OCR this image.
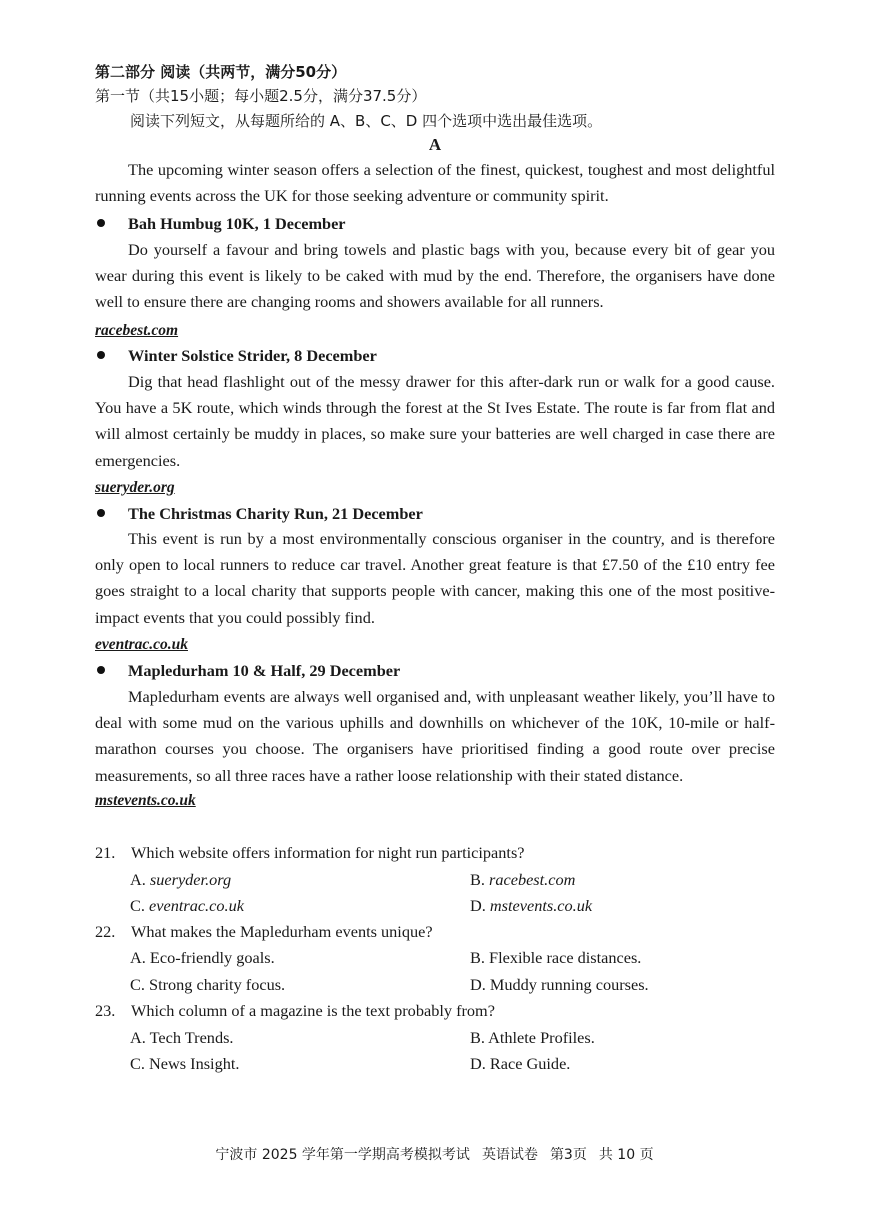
第二部分 阅读（共两节，满分50分）

第一节（共15小题；每小题2.5分，满分37.5分）

阅读下列短文，从每题所给的 A、B、C、D 四个选项中选出最佳选项。

A

The upcoming winter season offers a selection of the finest, quickest, toughest and most delightful running events across the UK for those seeking adventure or community spirit.

Bah Humbug 10K, 1 December

Do yourself a favour and bring towels and plastic bags with you, because every bit of gear you wear during this event is likely to be caked with mud by the end. Therefore, the organisers have done well to ensure there are changing rooms and showers available for all runners.

racebest.com

Winter Solstice Strider, 8 December

Dig that head flashlight out of the messy drawer for this after-dark run or walk for a good cause. You have a 5K route, which winds through the forest at the St Ives Estate. The route is far from flat and will almost certainly be muddy in places, so make sure your batteries are well charged in case there are emergencies.

sueryder.org

The Christmas Charity Run, 21 December

This event is run by a most environmentally conscious organiser in the country, and is therefore only open to local runners to reduce car travel. Another great feature is that £7.50 of the £10 entry fee goes straight to a local charity that supports people with cancer, making this one of the most positive-impact events that you could possibly find.

eventrac.co.uk

Mapledurham 10 & Half, 29 December

Mapledurham events are always well organised and, with unpleasant weather likely, you’ll have to deal with some mud on the various uphills and downhills on whichever of the 10K, 10-mile or half-marathon courses you choose. The organisers have prioritised finding a good route over precise measurements, so all three races have a rather loose relationship with their stated distance.

mstevents.co.uk

21. Which website offers information for night run participants?
A. sueryder.org	B. racebest.com
C. eventrac.co.uk	D. mstevents.co.uk
22. What makes the Mapledurham events unique?
A. Eco-friendly goals.	B. Flexible race distances.
C. Strong charity focus.	D. Muddy running courses.
23. Which column of a magazine is the text probably from?
A. Tech Trends.	B. Athlete Profiles.
C. News Insight.	D. Race Guide.
宁波市 2025 学年第一学期高考模拟考试 英语试卷 第3页 共 10 页
